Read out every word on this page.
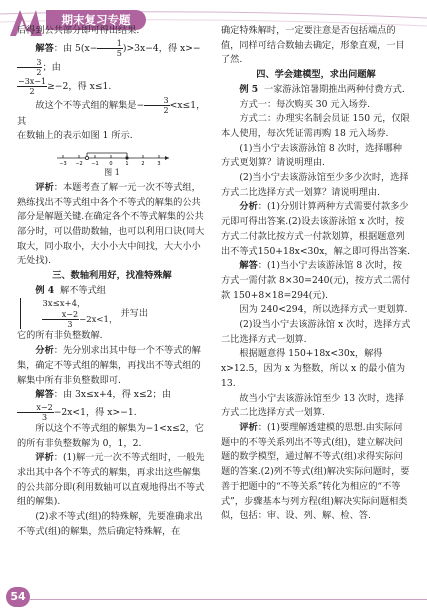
期末复习专题

后得到公共部分即可得出结果.

解答：由 $5(x- \frac{1}{5} )>3x-4$，得 x>−
$\frac{3}{2}$ ；由

$\frac{-3x-1}{2} \ge-2$，得 x≤1.

故这个不等式组的解集是− $\frac{3}{2} <x\le 1$，其

在数轴上的表示如图 1 所示.

−3 −2 −1 0	1	2	3

图 1

评析：本题考查了解一元一次不等式组，熟练找出不等式组中各个不等式的解集的公共部分是解题关键.在确定各个不等式解集的公共部分时，可以借助数轴，也可以利用口诀(同大取大，同小取小，大小小大中间找，大大小小无处找).

三、数轴利用好，找准特殊解

例 4 解不等式组
3x≤x+4，
$\frac{x-2}{3} -2x<1$，
并写出

它的所有非负整数解.

分析：先分别求出其中每一个不等式的解集，确定不等式组的解集，再找出不等式组的解集中所有非负整数即可.

解答：由 3x≤x+4，得 x≤2；由
$\frac{x-2}{3} -2x<1$，得 x>−1.

所以这个不等式组的解集为−1<x≤2，它的所有非负整数解为 0，1，2.

评析：(1)解一元一次不等式组时，一般先求出其中各个不等式的解集，再求出这些解集的公共部分即(利用数轴可以直观地得出不等式组的解集).

(2)求不等式(组)的特殊解，先要准确求出不等式(组)的解集，然后确定特殊解，在

确定特殊解时，一定要注意是否包括端点的值，同样可结合数轴去确定，形象直观，一目了然.

四、学会建模型，求出问题解

例 5 一家游泳馆暑期推出两种付费方式.

方式一：每次购买 30 元入场券.

方式二：办理实名制会员证 150 元，仅限本人使用，每次凭证需再购 18 元入场券.

(1)当小宁去该游泳馆 8 次时，选择哪种方式更划算？请说明理由.

(2)当小宁去该游泳馆至少多少次时，选择方式二比选择方式一划算？请说明理由.

分析：(1)分别计算两种方式需要付款多少元即可得出答案.(2)设去该游泳馆 x 次时，按方式二付款比按方式一付款划算，根据题意列出不等式150+18x<30x，解之即可得出答案.

解答：(1)当小宁去该游泳馆 8 次时，按方式一需付款 8×30=240(元)，按方式二需付款 150+8×18=294(元).

因为 240<294，所以选择方式一更划算.

(2)设当小宁去该游泳馆 x 次时，选择方式二比选择方式一划算.

根据题意得 150+18x<30x，解得 x>12.5，因为 x 为整数，所以 x 的最小值为 13.

故当小宁去该游泳馆至少 13 次时，选择方式二比选择方式一划算.

评析：(1)要理解透建模的思想.由实际问题中的不等关系列出不等式(组)，建立解决问题的数学模型，通过解不等式(组)求得实际问题的答案.(2)列不等式(组)解决实际问题时，要善于把题中的“不等关系”转化为相应的“不等式”，步骤基本与列方程(组)解决实际问题相类似，包括：审、设、列、解、检、答.

54
